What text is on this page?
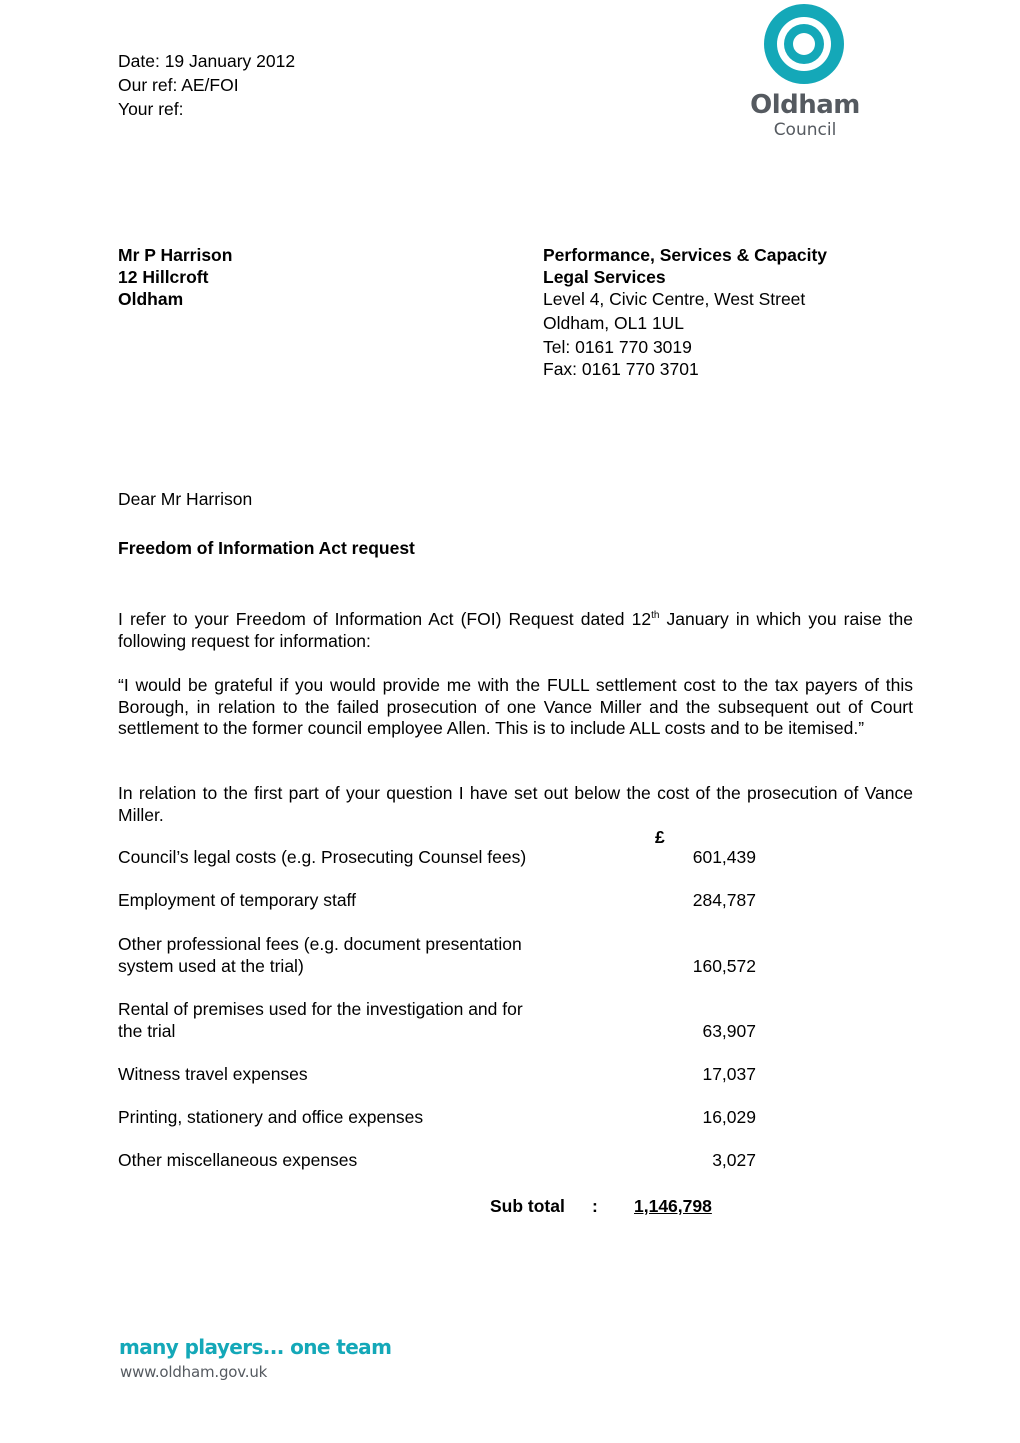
Date: 19 January 2012
Our ref: AE/FOI
Your ref:	Oldham
Council
Mr P Harrison
12 Hillcroft
Oldham
Performance, Services & Capacity
Legal Services
Level 4, Civic Centre, West Street
Oldham, OL1 1UL
Tel: 0161 770 3019
Fax: 0161 770 3701
Dear Mr Harrison
Freedom of Information Act request
I refer to your Freedom of Information Act (FOI) Request dated 12th January in which you raise the following request for information:
“I would be grateful if you would provide me with the FULL settlement cost to the tax payers of this Borough, in relation to the failed prosecution of one Vance Miller and the subsequent out of Court settlement to the former council employee Allen. This is to include ALL costs and to be itemised.”
In relation to the first part of your question I have set out below the cost of the prosecution of Vance Miller.
£
Council’s legal costs (e.g. Prosecuting Counsel fees)	601,439
Employment of temporary staff	284,787
Other professional fees (e.g. document presentation
system used at the trial)	160,572
Rental of premises used for the investigation and for
the trial	63,907
Witness travel expenses	17,037
Printing, stationery and office expenses	16,029
Other miscellaneous expenses	3,027
Sub total : 1,146,798
many players... one team
www.oldham.gov.uk
